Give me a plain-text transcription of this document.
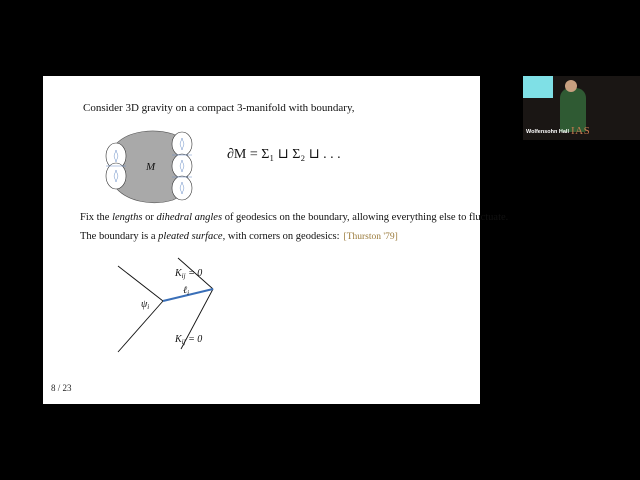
Consider 3D gravity on a compact 3-manifold with boundary,
M
∂M = Σ₁ ⊔ Σ₂ ⊔ . . .
Fix the lengths or dihedral angles of geodesics on the boundary, allowing everything else to fluctuate.
The boundary is a pleated surface, with corners on geodesics: [Thurston '79]
$K_{ij} = 0$
$K_{ij} = 0$
$\psi_i$
ℓ$_i$
8 / 23
Wolfensohn Hall IAS
